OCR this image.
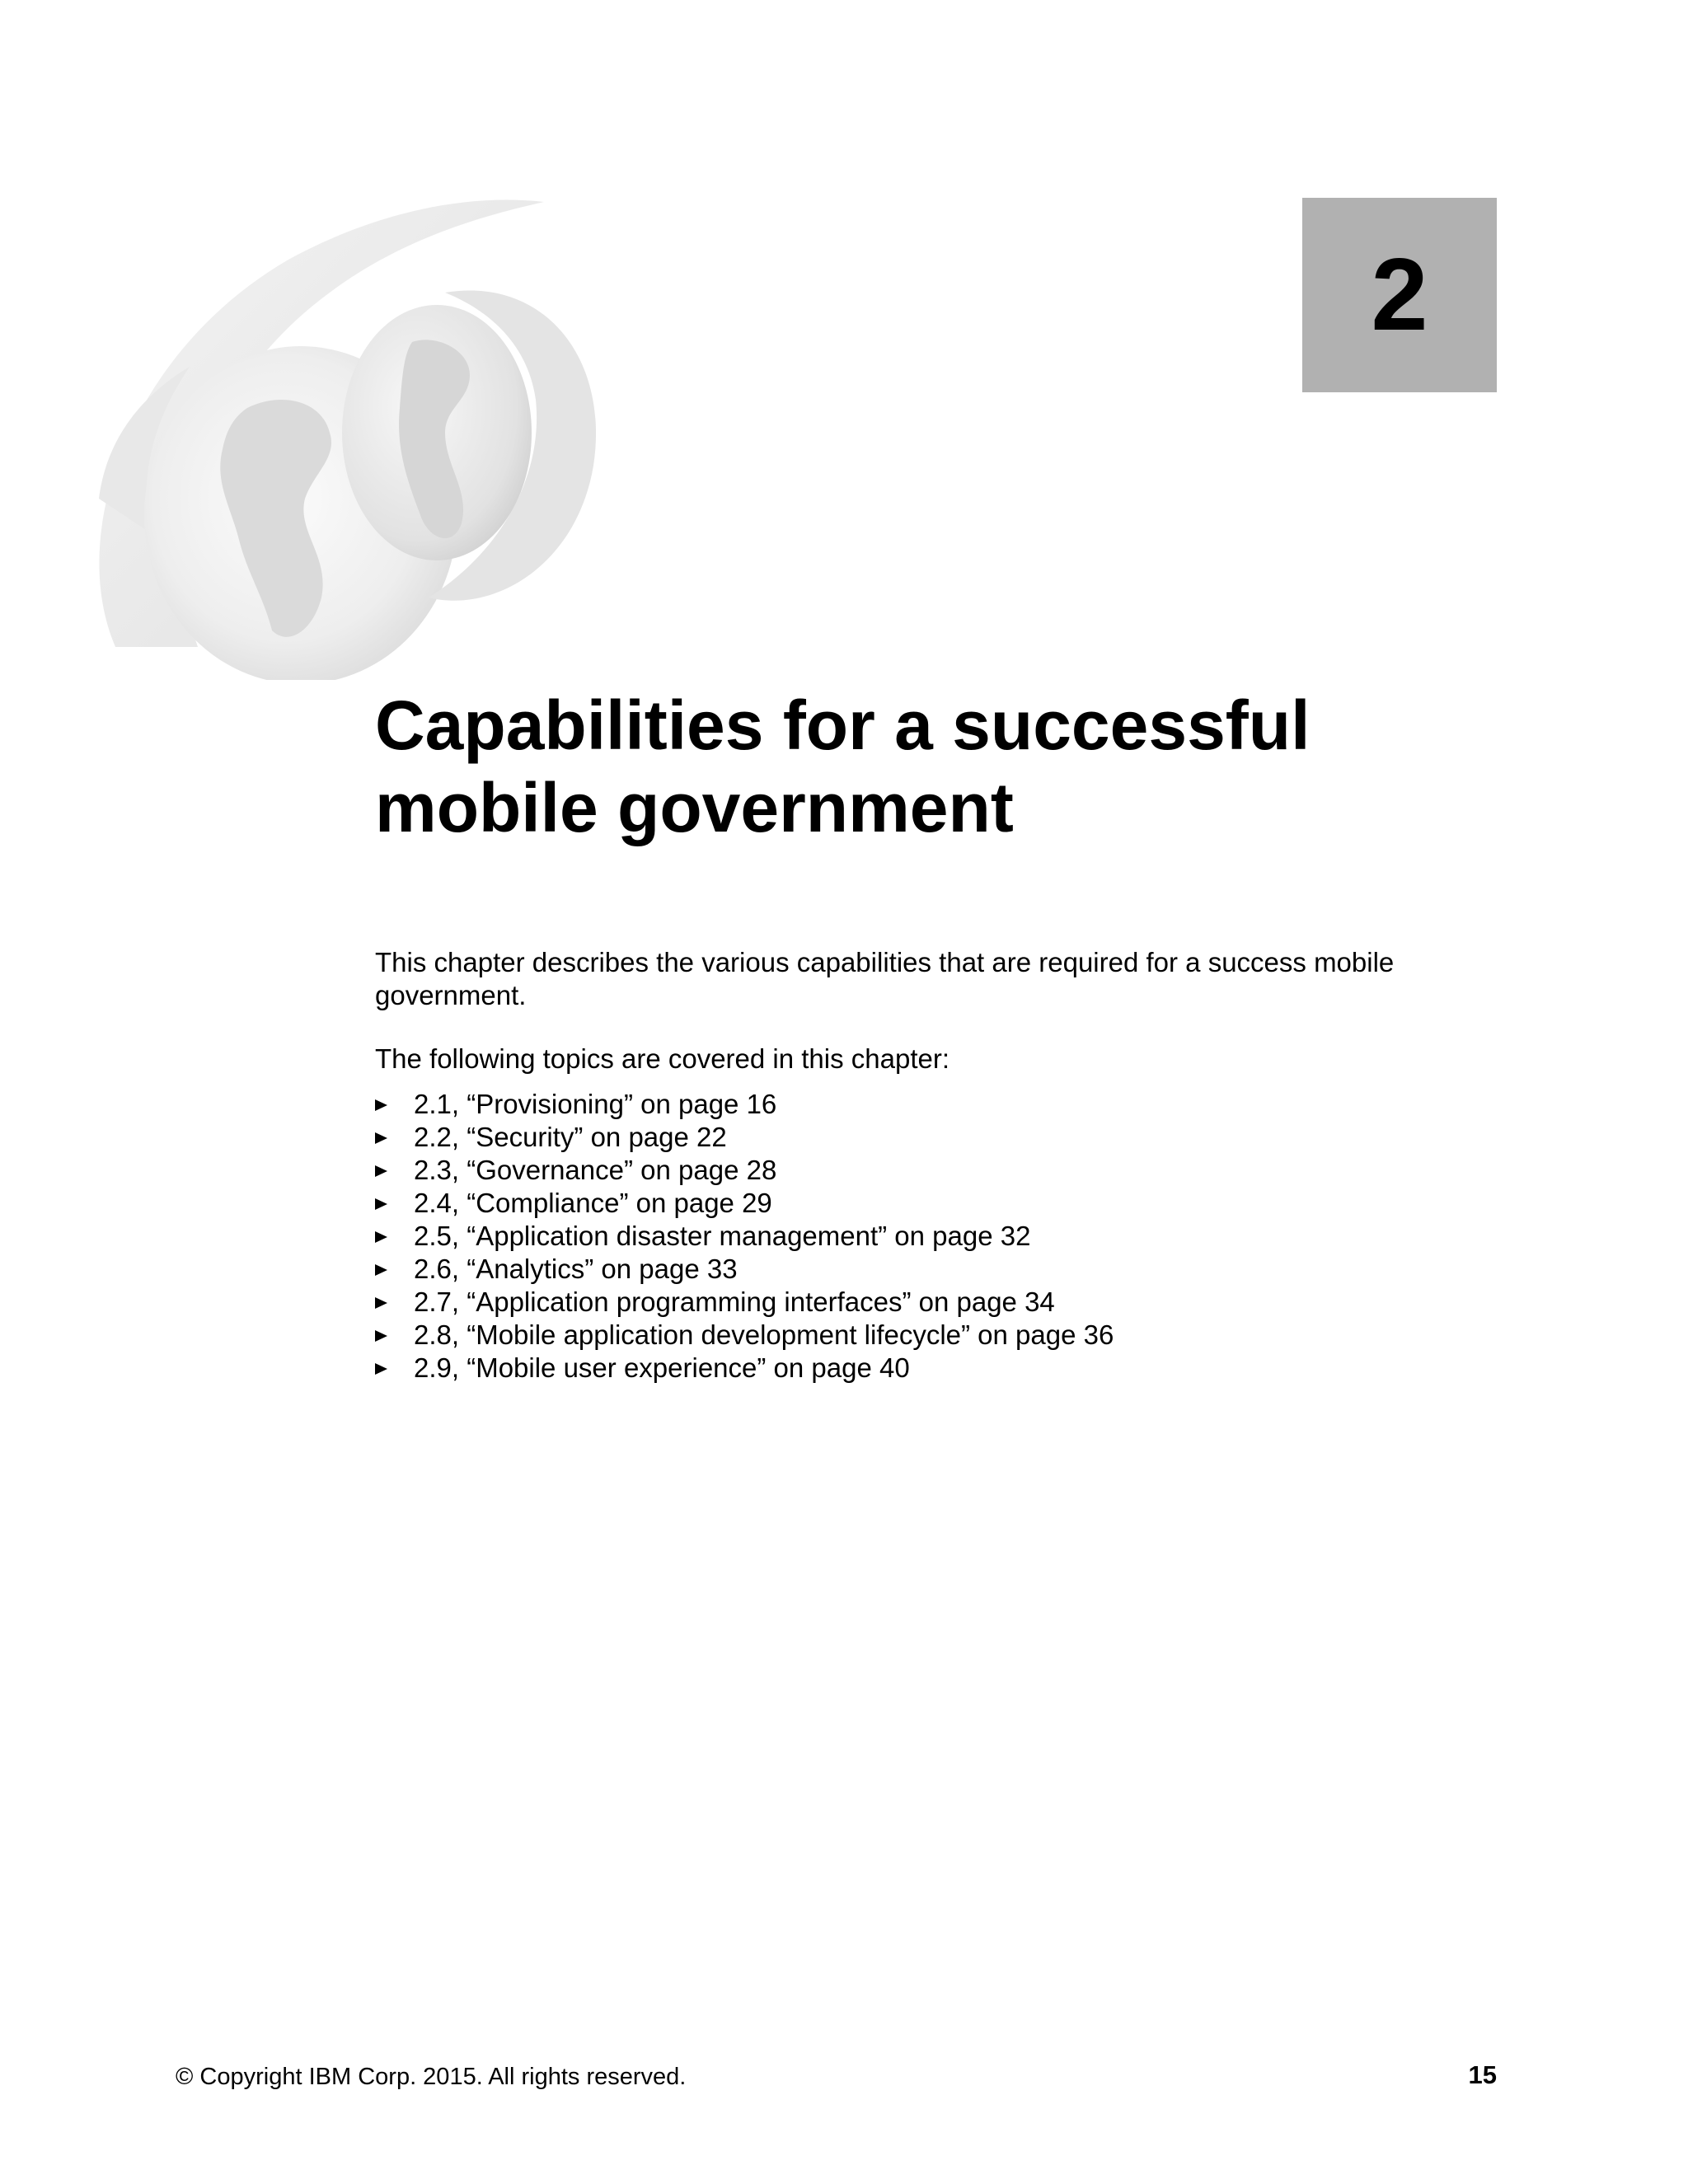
2
Capabilities for a successful
mobile government

This chapter describes the various capabilities that are required for a success mobile
government.

The following topics are covered in this chapter:

2.1, “Provisioning” on page 16
2.2, “Security” on page 22
2.3, “Governance” on page 28
2.4, “Compliance” on page 29
2.5, “Application disaster management” on page 32
2.6, “Analytics” on page 33
2.7, “Application programming interfaces” on page 34
2.8, “Mobile application development lifecycle” on page 36
2.9, “Mobile user experience” on page 40
© Copyright IBM Corp. 2015. All rights reserved.	15
